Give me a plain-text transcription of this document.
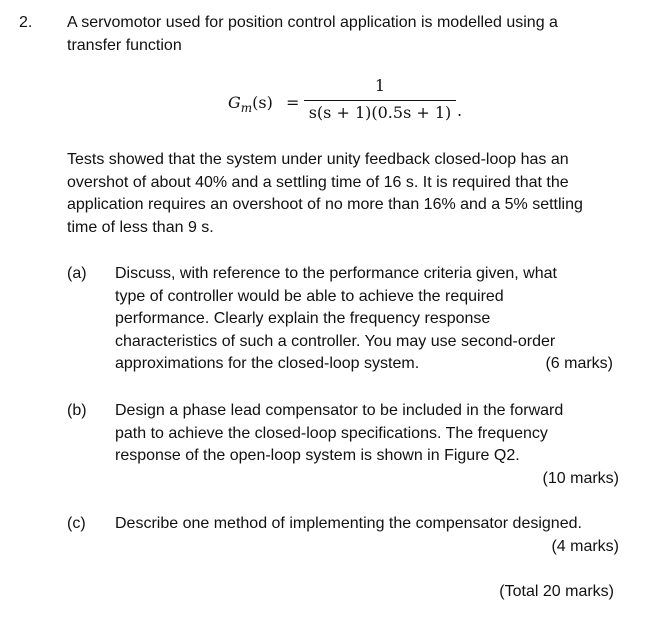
2. A servomotor used for position control application is modelled using a
transfer function
$G_m(s)$ =
1
s(s + 1)(0.5s + 1) .
Tests showed that the system under unity feedback closed-loop has an
overshot of about 40% and a settling time of 16 s. It is required that the
application requires an overshoot of no more than 16% and a 5% settling
time of less than 9 s.
(a) Discuss, with reference to the performance criteria given, what
type of controller would be able to achieve the required
performance. Clearly explain the frequency response
characteristics of such a controller. You may use second-order
approximations for the closed-loop system.	(6 marks)
(b) Design a phase lead compensator to be included in the forward
path to achieve the closed-loop specifications. The frequency
response of the open-loop system is shown in Figure Q2.
(10 marks)
(c) Describe one method of implementing the compensator designed.
(4 marks)
(Total 20 marks)
